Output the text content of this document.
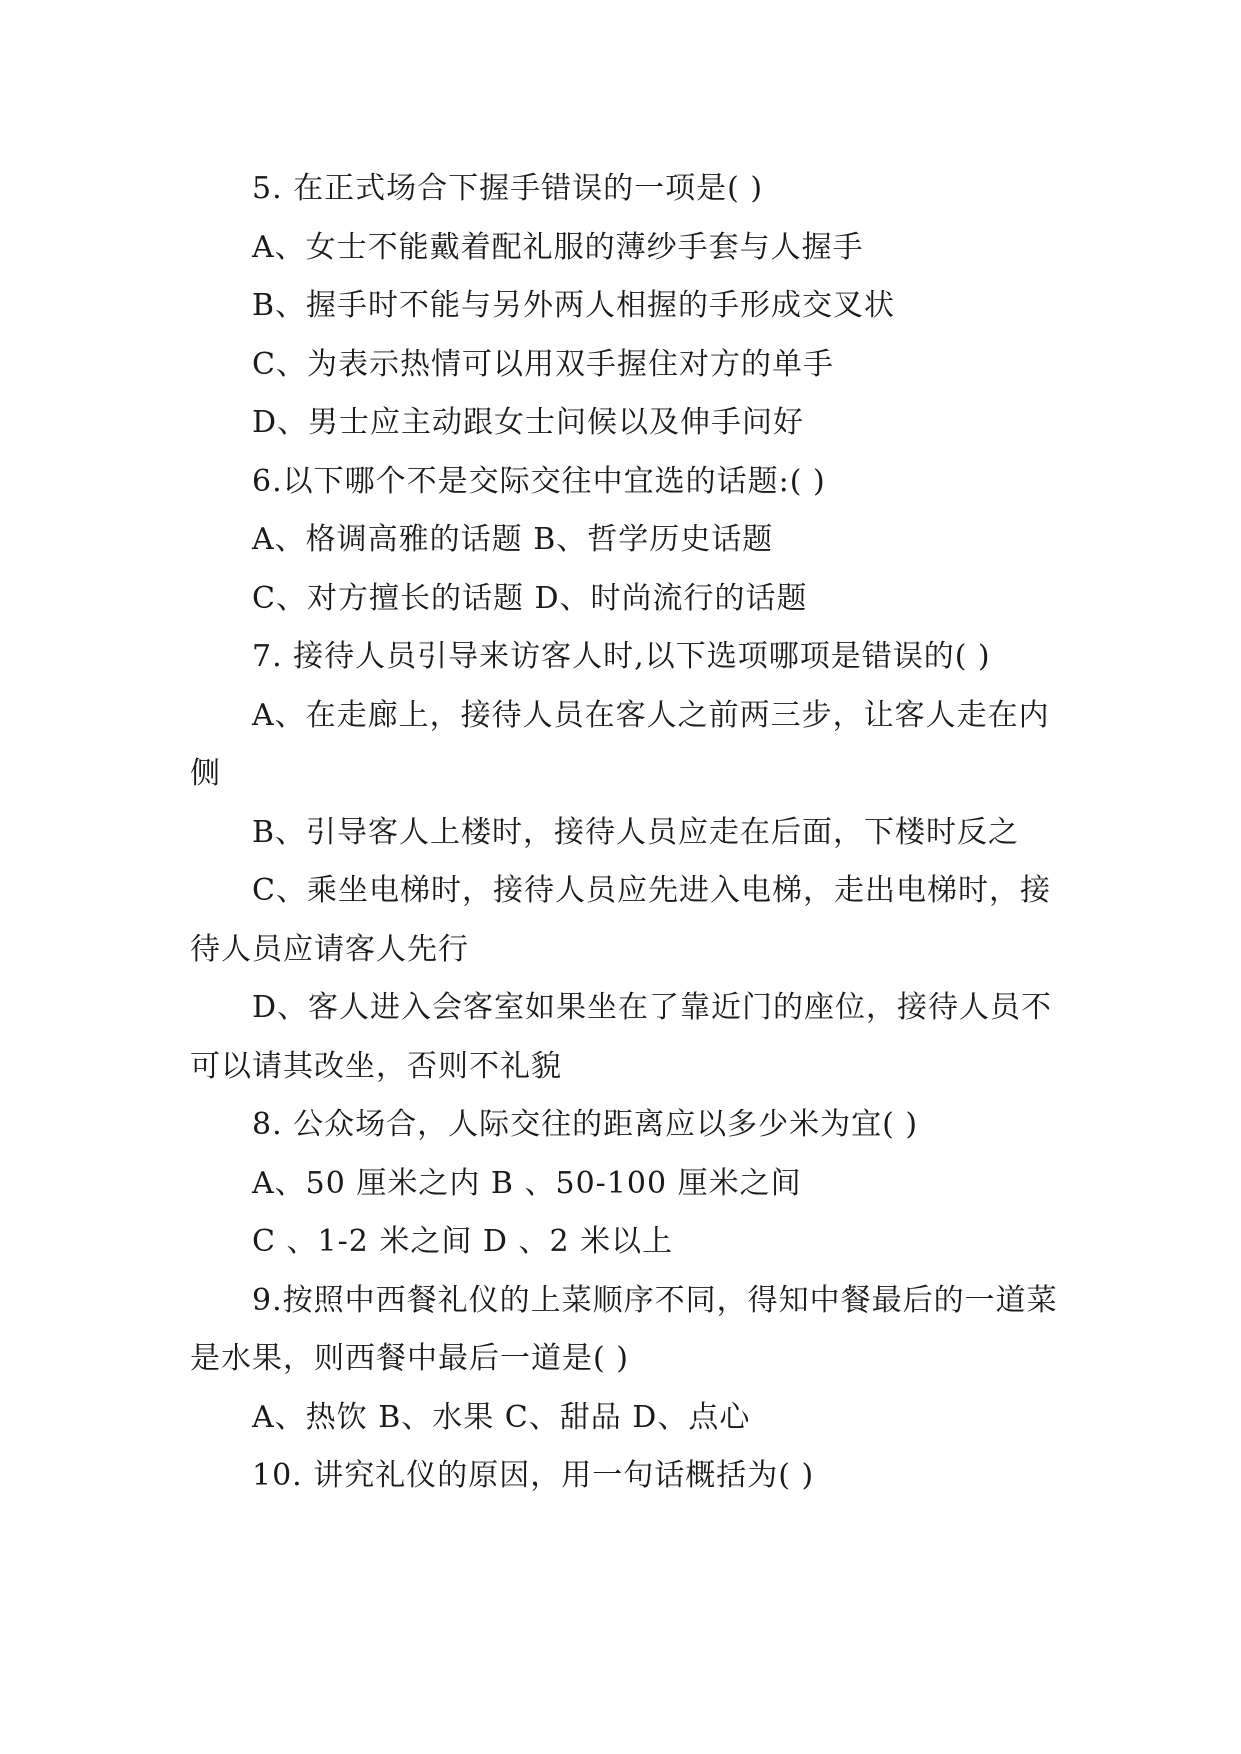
5. 在正式场合下握手错误的一项是( )

A、女士不能戴着配礼服的薄纱手套与人握手

B、握手时不能与另外两人相握的手形成交叉状

C、为表示热情可以用双手握住对方的单手

D、男士应主动跟女士问候以及伸手问好

6.以下哪个不是交际交往中宜选的话题:( )

A、格调高雅的话题 B、哲学历史话题

C、对方擅长的话题 D、时尚流行的话题

7. 接待人员引导来访客人时,以下选项哪项是错误的( )

A、在走廊上，接待人员在客人之前两三步，让客人走在内侧

B、引导客人上楼时，接待人员应走在后面，下楼时反之

C、乘坐电梯时，接待人员应先进入电梯，走出电梯时，接待人员应请客人先行

D、客人进入会客室如果坐在了靠近门的座位，接待人员不可以请其改坐，否则不礼貌

8. 公众场合，人际交往的距离应以多少米为宜( )

A、50 厘米之内 B 、50-100 厘米之间

C 、1-2 米之间 D 、2 米以上

9.按照中西餐礼仪的上菜顺序不同，得知中餐最后的一道菜是水果，则西餐中最后一道是( )

A、热饮 B、水果 C、甜品 D、点心

10. 讲究礼仪的原因，用一句话概括为( )
